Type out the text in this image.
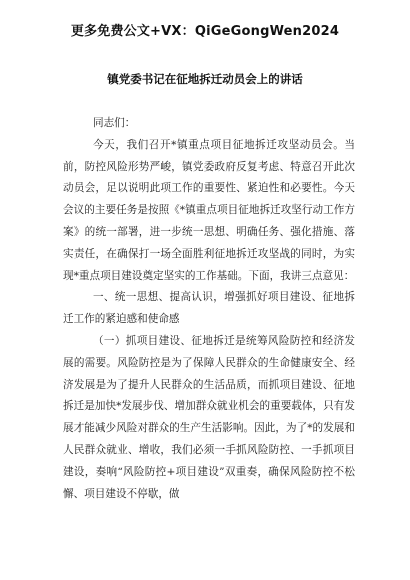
更多免费公文+VX：QiGeGongWen2024
镇党委书记在征地拆迁动员会上的讲话

同志们：

今天，我们召开*镇重点项目征地拆迁攻坚动员会。当前，防控风险形势严峻，镇党委政府反复考虑、特意召开此次动员会，足以说明此项工作的重要性、紧迫性和必要性。今天会议的主要任务是按照《*镇重点项目征地拆迁攻坚行动工作方案》的统一部署，进一步统一思想、明确任务、强化措施、落实责任，在确保打一场全面胜利征地拆迁攻坚战的同时，为实现*重点项目建设奠定坚实的工作基础。下面，我讲三点意见：

一、统一思想、提高认识，增强抓好项目建设、征地拆迁工作的紧迫感和使命感

（一）抓项目建设、征地拆迁是统筹风险防控和经济发展的需要。风险防控是为了保障人民群众的生命健康安全、经济发展是为了提升人民群众的生活品质，而抓项目建设、征地拆迁是加快*发展步伐、增加群众就业机会的重要载体，只有发展才能减少风险对群众的生产生活影响。因此，为了*的发展和人民群众就业、增收，我们必须一手抓风险防控、一手抓项目建设，奏响“风险防控+项目建设”双重奏，确保风险防控不松懈、项目建设不停歇，做
